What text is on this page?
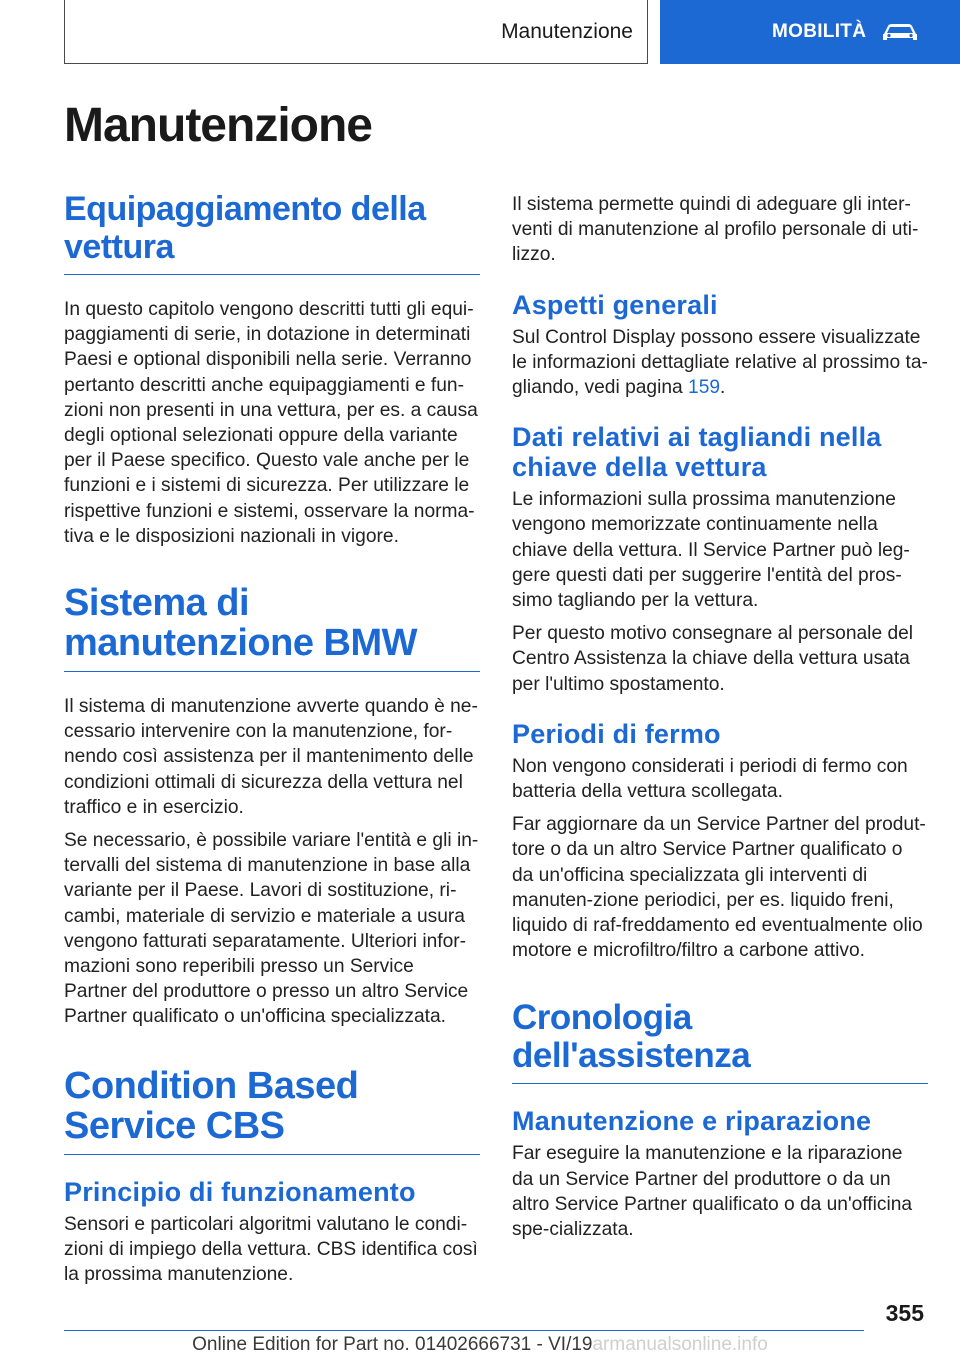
Manutenzione	MOBILITÀ
Manutenzione
Equipaggiamento della vettura

In questo capitolo vengono descritti tutti gli equi-paggiamenti di serie, in dotazione in determinati Paesi e optional disponibili nella serie. Verranno pertanto descritti anche equipaggiamenti e fun-zioni non presenti in una vettura, per es. a causa degli optional selezionati oppure della variante per il Paese specifico. Questo vale anche per le funzioni e i sistemi di sicurezza. Per utilizzare le rispettive funzioni e sistemi, osservare la norma-tiva e le disposizioni nazionali in vigore.

Sistema di manutenzione BMW

Il sistema di manutenzione avverte quando è ne-cessario intervenire con la manutenzione, for-nendo così assistenza per il mantenimento delle condizioni ottimali di sicurezza della vettura nel traffico e in esercizio.

Se necessario, è possibile variare l'entità e gli in-tervalli del sistema di manutenzione in base alla variante per il Paese. Lavori di sostituzione, ri-cambi, materiale di servizio e materiale a usura vengono fatturati separatamente. Ulteriori infor-mazioni sono reperibili presso un Service Partner del produttore o presso un altro Service Partner qualificato o un'officina specializzata.

Condition Based Service CBS
Principio di funzionamento

Sensori e particolari algoritmi valutano le condi-zioni di impiego della vettura. CBS identifica così la prossima manutenzione.

Il sistema permette quindi di adeguare gli inter-venti di manutenzione al profilo personale di uti-lizzo.

Aspetti generali

Sul Control Display possono essere visualizzate le informazioni dettagliate relative al prossimo ta-gliando, vedi pagina 159.

Dati relativi ai tagliandi nella chiave della vettura

Le informazioni sulla prossima manutenzione vengono memorizzate continuamente nella chiave della vettura. Il Service Partner può leg-gere questi dati per suggerire l'entità del pros-simo tagliando per la vettura.

Per questo motivo consegnare al personale del Centro Assistenza la chiave della vettura usata per l'ultimo spostamento.

Periodi di fermo

Non vengono considerati i periodi di fermo con batteria della vettura scollegata.

Far aggiornare da un Service Partner del produt-tore o da un altro Service Partner qualificato o da un'officina specializzata gli interventi di manuten-zione periodici, per es. liquido freni, liquido di raf-freddamento ed eventualmente olio motore e microfiltro/filtro a carbone attivo.

Cronologia dell'assistenza
Manutenzione e riparazione

Far eseguire la manutenzione e la riparazione da un Service Partner del produttore o da un altro Service Partner qualificato o da un'officina spe-cializzata.

355
Online Edition for Part no. 01402666731 - VI/19armanualsonline.info
